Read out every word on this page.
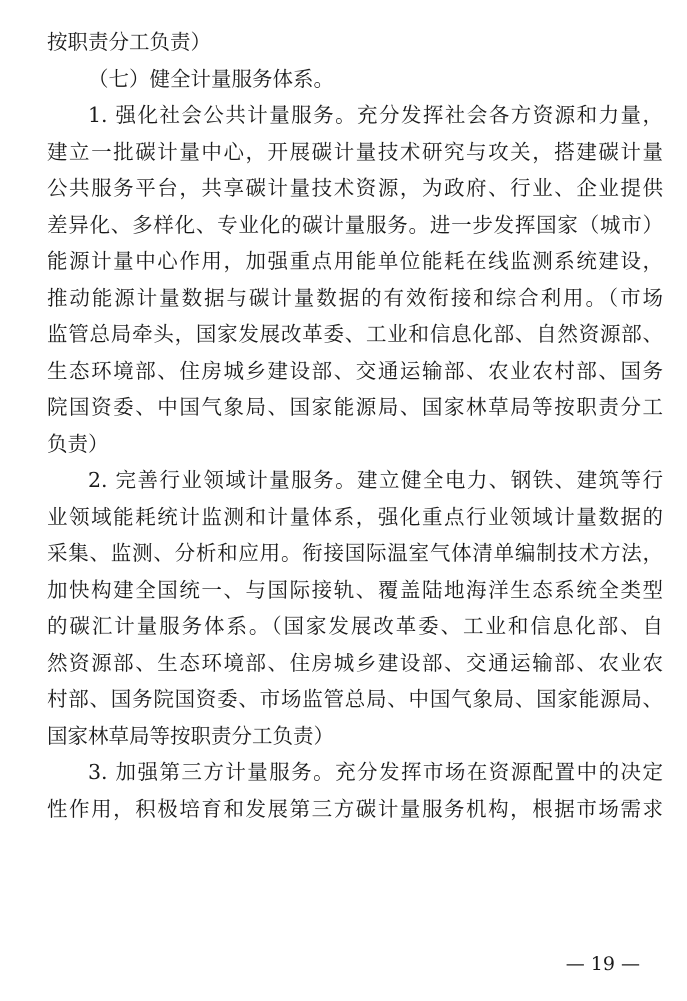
按职责分工负责）
（七）健全计量服务体系。
1. 强化社会公共计量服务。充分发挥社会各方资源和力量，
建立一批碳计量中心，开展碳计量技术研究与攻关，搭建碳计量
公共服务平台，共享碳计量技术资源，为政府、行业、企业提供
差异化、多样化、专业化的碳计量服务。进一步发挥国家（城市）
能源计量中心作用，加强重点用能单位能耗在线监测系统建设，
推动能源计量数据与碳计量数据的有效衔接和综合利用。（市场
监管总局牵头，国家发展改革委、工业和信息化部、自然资源部、
生态环境部、住房城乡建设部、交通运输部、农业农村部、国务
院国资委、中国气象局、国家能源局、国家林草局等按职责分工
负责）
2. 完善行业领域计量服务。建立健全电力、钢铁、建筑等行
业领域能耗统计监测和计量体系，强化重点行业领域计量数据的
采集、监测、分析和应用。衔接国际温室气体清单编制技术方法，
加快构建全国统一、与国际接轨、覆盖陆地海洋生态系统全类型
的碳汇计量服务体系。（国家发展改革委、工业和信息化部、自
然资源部、生态环境部、住房城乡建设部、交通运输部、农业农
村部、国务院国资委、市场监管总局、中国气象局、国家能源局、
国家林草局等按职责分工负责）
3. 加强第三方计量服务。充分发挥市场在资源配置中的决定
性作用，积极培育和发展第三方碳计量服务机构，根据市场需求
— 19 —
